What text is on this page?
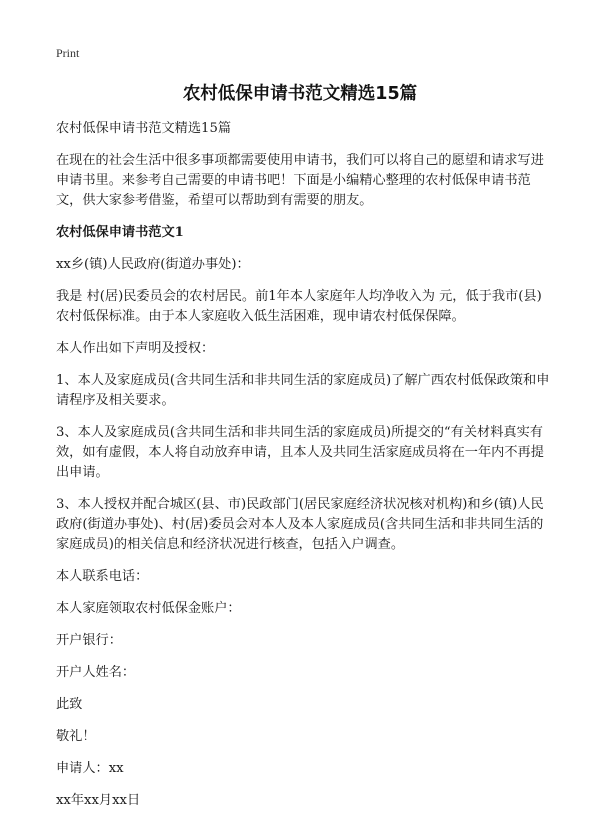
Print
农村低保申请书范文精选15篇

农村低保申请书范文精选15篇

在现在的社会生活中很多事项都需要使用申请书，我们可以将自己的愿望和请求写进申请书里。来参考自己需要的申请书吧！下面是小编精心整理的农村低保申请书范文，供大家参考借鉴，希望可以帮助到有需要的朋友。

农村低保申请书范文1

xx乡(镇)人民政府(街道办事处)：

我是 村(居)民委员会的农村居民。前1年本人家庭年人均净收入为 元，低于我市(县)农村低保标准。由于本人家庭收入低生活困难，现申请农村低保保障。

本人作出如下声明及授权：

1、本人及家庭成员(含共同生活和非共同生活的家庭成员)了解广西农村低保政策和申请程序及相关要求。

3、本人及家庭成员(含共同生活和非共同生活的家庭成员)所提交的“有关材料真实有效，如有虚假，本人将自动放弃申请，且本人及共同生活家庭成员将在一年内不再提出申请。

3、本人授权并配合城区(县、市)民政部门(居民家庭经济状况核对机构)和乡(镇)人民政府(街道办事处)、村(居)委员会对本人及本人家庭成员(含共同生活和非共同生活的家庭成员)的相关信息和经济状况进行核查，包括入户调查。

本人联系电话：

本人家庭领取农村低保金账户：

开户银行：

开户人姓名：

此致

敬礼！

申请人：xx

xx年xx月xx日
